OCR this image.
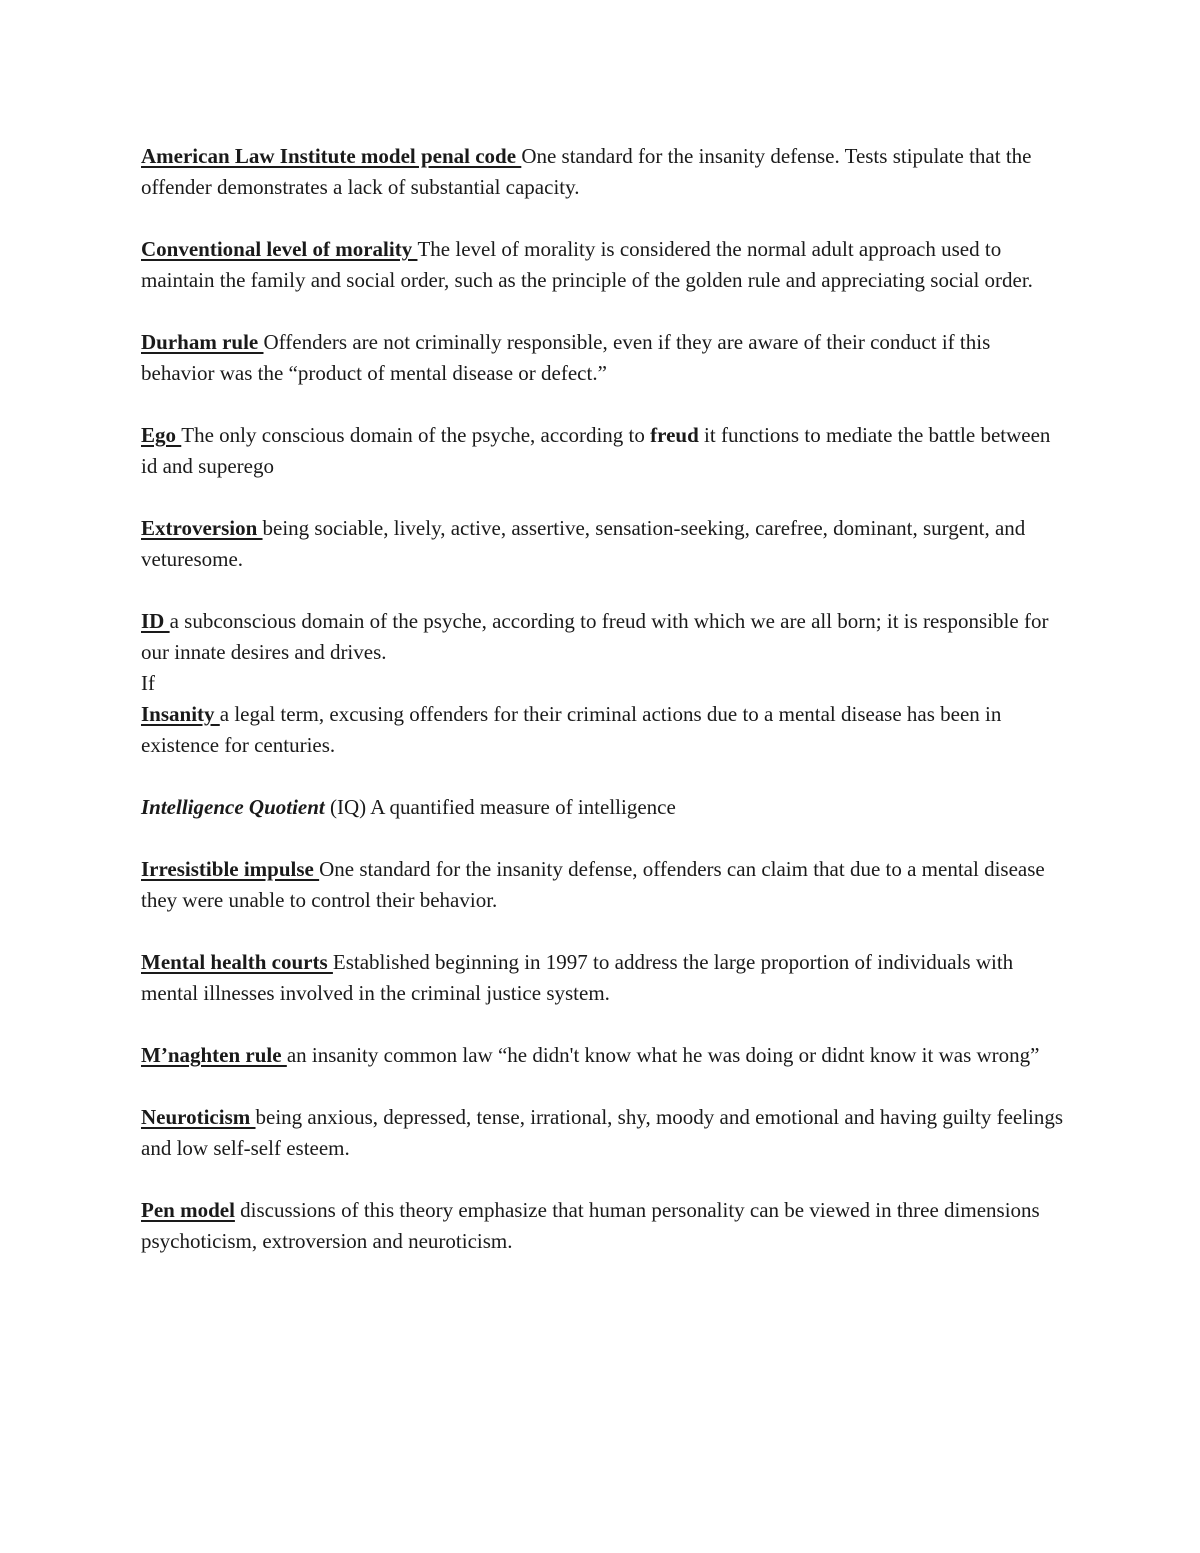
American Law Institute model penal code One standard for the insanity defense. Tests stipulate that the offender demonstrates a lack of substantial capacity.

Conventional level of morality The level of morality is considered the normal adult approach used to maintain the family and social order, such as the principle of the golden rule and appreciating social order.

Durham rule Offenders are not criminally responsible, even if they are aware of their conduct if this behavior was the “product of mental disease or defect.”

Ego The only conscious domain of the psyche, according to freud it functions to mediate the battle between id and superego

Extroversion being sociable, lively, active, assertive, sensation-seeking, carefree, dominant, surgent, and veturesome.

ID a subconscious domain of the psyche, according to freud with which we are all born; it is responsible for our innate desires and drives.

If

Insanity a legal term, excusing offenders for their criminal actions due to a mental disease has been in existence for centuries.

Intelligence Quotient (IQ) A quantified measure of intelligence

Irresistible impulse One standard for the insanity defense, offenders can claim that due to a mental disease they were unable to control their behavior.

Mental health courts Established beginning in 1997 to address the large proportion of individuals with mental illnesses involved in the criminal justice system.

M’naghten rule an insanity common law “he didn't know what he was doing or didnt know it was wrong”

Neuroticism being anxious, depressed, tense, irrational, shy, moody and emotional and having guilty feelings and low self-self esteem.

Pen model discussions of this theory emphasize that human personality can be viewed in three dimensions psychoticism, extroversion and neuroticism.
